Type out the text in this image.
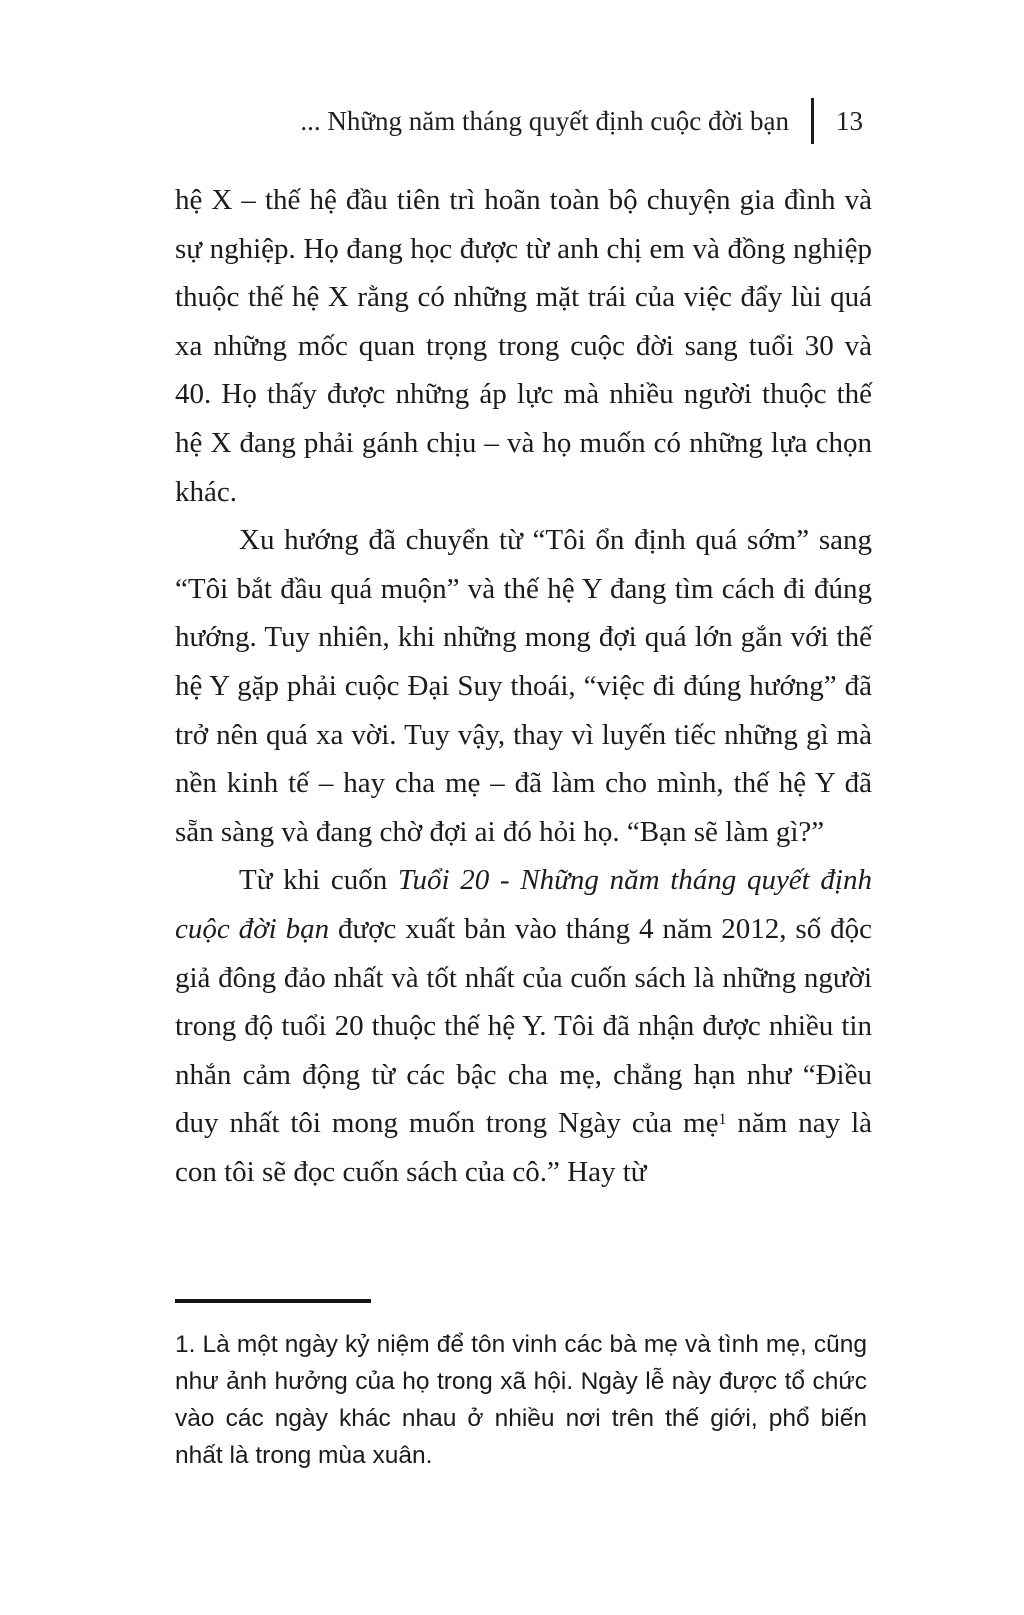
... Những năm tháng quyết định cuộc đời bạn 13

hệ X – thế hệ đầu tiên trì hoãn toàn bộ chuyện gia đình và sự nghiệp. Họ đang học được từ anh chị em và đồng nghiệp thuộc thế hệ X rằng có những mặt trái của việc đẩy lùi quá xa những mốc quan trọng trong cuộc đời sang tuổi 30 và 40. Họ thấy được những áp lực mà nhiều người thuộc thế hệ X đang phải gánh chịu – và họ muốn có những lựa chọn khác.

Xu hướng đã chuyển từ “Tôi ổn định quá sớm” sang “Tôi bắt đầu quá muộn” và thế hệ Y đang tìm cách đi đúng hướng. Tuy nhiên, khi những mong đợi quá lớn gắn với thế hệ Y gặp phải cuộc Đại Suy thoái, “việc đi đúng hướng” đã trở nên quá xa vời. Tuy vậy, thay vì luyến tiếc những gì mà nền kinh tế – hay cha mẹ – đã làm cho mình, thế hệ Y đã sẵn sàng và đang chờ đợi ai đó hỏi họ. “Bạn sẽ làm gì?”

Từ khi cuốn Tuổi 20 - Những năm tháng quyết định cuộc đời bạn được xuất bản vào tháng 4 năm 2012, số độc giả đông đảo nhất và tốt nhất của cuốn sách là những người trong độ tuổi 20 thuộc thế hệ Y. Tôi đã nhận được nhiều tin nhắn cảm động từ các bậc cha mẹ, chẳng hạn như “Điều duy nhất tôi mong muốn trong Ngày của mẹ$^1$ năm nay là con tôi sẽ đọc cuốn sách của cô.” Hay từ

1. Là một ngày kỷ niệm để tôn vinh các bà mẹ và tình mẹ, cũng như ảnh hưởng của họ trong xã hội. Ngày lễ này được tổ chức vào các ngày khác nhau ở nhiều nơi trên thế giới, phổ biến nhất là trong mùa xuân.
